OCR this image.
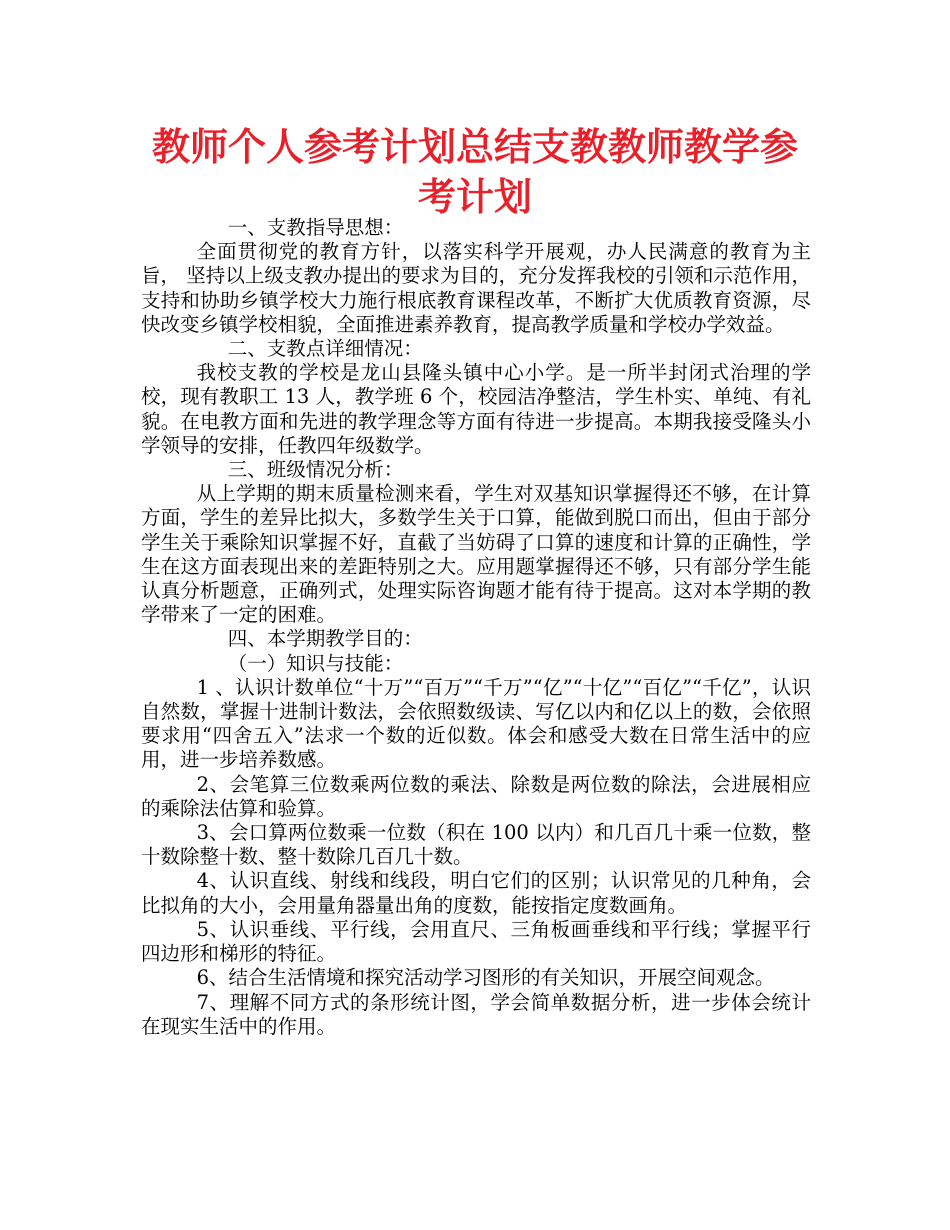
教师个人参考计划总结支教教师教学参考计划

一、支教指导思想：

全面贯彻党的教育方针，以落实科学开展观，办人民满意的教育为主旨， 坚持以上级支教办提出的要求为目的，充分发挥我校的引领和示范作用，支持和协助乡镇学校大力施行根底教育课程改革，不断扩大优质教育资源，尽快改变乡镇学校相貌，全面推进素养教育，提高教学质量和学校办学效益。

二、支教点详细情况：

我校支教的学校是龙山县隆头镇中心小学。是一所半封闭式治理的学校，现有教职工 13 人，教学班 6 个，校园洁净整洁，学生朴实、单纯、有礼貌。在电教方面和先进的教学理念等方面有待进一步提高。本期我接受隆头小学领导的安排，任教四年级数学。

三、班级情况分析：

从上学期的期末质量检测来看，学生对双基知识掌握得还不够，在计算方面，学生的差异比拟大，多数学生关于口算，能做到脱口而出，但由于部分学生关于乘除知识掌握不好，直截了当妨碍了口算的速度和计算的正确性，学生在这方面表现出来的差距特别之大。应用题掌握得还不够，只有部分学生能认真分析题意，正确列式，处理实际咨询题才能有待于提高。这对本学期的教学带来了一定的困难。

四、本学期教学目的：

（一）知识与技能：

1 、认识计数单位“十万”“百万”“千万”“亿”“十亿”“百亿”“千亿”，认识自然数，掌握十进制计数法，会依照数级读、写亿以内和亿以上的数，会依照要求用“四舍五入”法求一个数的近似数。体会和感受大数在日常生活中的应用，进一步培养数感。

2、会笔算三位数乘两位数的乘法、除数是两位数的除法，会进展相应的乘除法估算和验算。

3、会口算两位数乘一位数（积在 100 以内）和几百几十乘一位数，整十数除整十数、整十数除几百几十数。

4、认识直线、射线和线段，明白它们的区别；认识常见的几种角，会比拟角的大小，会用量角器量出角的度数，能按指定度数画角。

5、认识垂线、平行线，会用直尺、三角板画垂线和平行线；掌握平行四边形和梯形的特征。

6、结合生活情境和探究活动学习图形的有关知识，开展空间观念。

7、理解不同方式的条形统计图，学会简单数据分析，进一步体会统计在现实生活中的作用。
